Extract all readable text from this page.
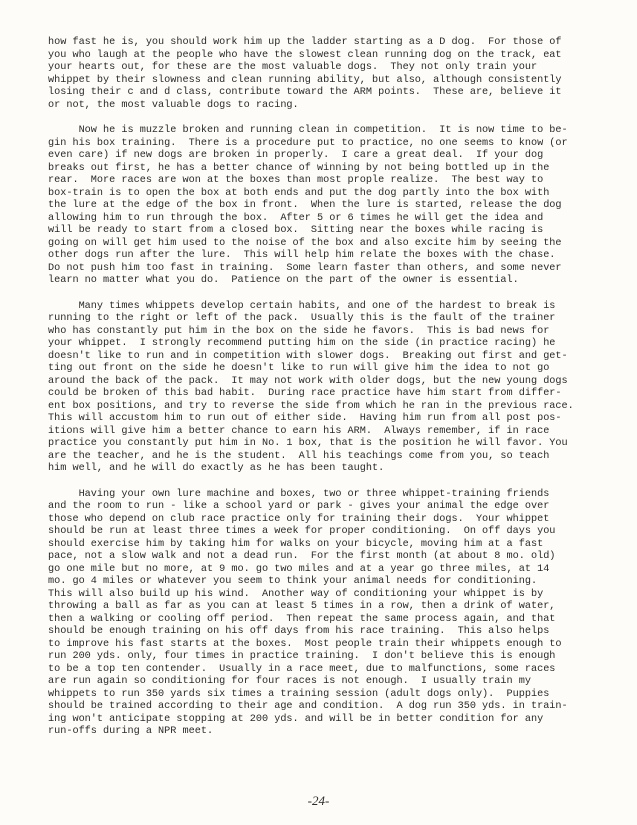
how fast he is, you should work him up the ladder starting as a D dog.  For those of
you who laugh at the people who have the slowest clean running dog on the track, eat
your hearts out, for these are the most valuable dogs.  They not only train your
whippet by their slowness and clean running ability, but also, although consistently
losing their c and d class, contribute toward the ARM points.  These are, believe it
or not, the most valuable dogs to racing.
Now he is muzzle broken and running clean in competition.  It is now time to be-
gin his box training.  There is a procedure put to practice, no one seems to know (or
even care) if new dogs are broken in properly.  I care a great deal.  If your dog
breaks out first, he has a better chance of winning by not being bottled up in the
rear.  More races are won at the boxes than most prople realize.  The best way to
box-train is to open the box at both ends and put the dog partly into the box with
the lure at the edge of the box in front.  When the lure is started, release the dog
allowing him to run through the box.  After 5 or 6 times he will get the idea and
will be ready to start from a closed box.  Sitting near the boxes while racing is
going on will get him used to the noise of the box and also excite him by seeing the
other dogs run after the lure.  This will help him relate the boxes with the chase.
Do not push him too fast in training.  Some learn faster than others, and some never
learn no matter what you do.  Patience on the part of the owner is essential.
Many times whippets develop certain habits, and one of the hardest to break is
running to the right or left of the pack.  Usually this is the fault of the trainer
who has constantly put him in the box on the side he favors.  This is bad news for
your whippet.  I strongly recommend putting him on the side (in practice racing) he
doesn't like to run and in competition with slower dogs.  Breaking out first and get-
ting out front on the side he doesn't like to run will give him the idea to not go
around the back of the pack.  It may not work with older dogs, but the new young dogs
could be broken of this bad habit.  During race practice have him start from differ-
ent box positions, and try to reverse the side from which he ran in the previous race.
This will accustom him to run out of either side.  Having him run from all post pos-
itions will give him a better chance to earn his ARM.  Always remember, if in race
practice you constantly put him in No. 1 box, that is the position he will favor. You
are the teacher, and he is the student.  All his teachings come from you, so teach
him well, and he will do exactly as he has been taught.
Having your own lure machine and boxes, two or three whippet-training friends
and the room to run - like a school yard or park - gives your animal the edge over
those who depend on club race practice only for training their dogs.  Your whippet
should be run at least three times a week for proper conditioning.  On off days you
should exercise him by taking him for walks on your bicycle, moving him at a fast
pace, not a slow walk and not a dead run.  For the first month (at about 8 mo. old)
go one mile but no more, at 9 mo. go two miles and at a year go three miles, at 14
mo. go 4 miles or whatever you seem to think your animal needs for conditioning.
This will also build up his wind.  Another way of conditioning your whippet is by
throwing a ball as far as you can at least 5 times in a row, then a drink of water,
then a walking or cooling off period.  Then repeat the same process again, and that
should be enough training on his off days from his race training.  This also helps
to improve his fast starts at the boxes.  Most people train their whippets enough to
run 200 yds. only, four times in practice training.  I don't believe this is enough
to be a top ten contender.  Usually in a race meet, due to malfunctions, some races
are run again so conditioning for four races is not enough.  I usually train my
whippets to run 350 yards six times a training session (adult dogs only).  Puppies
should be trained according to their age and condition.  A dog run 350 yds. in train-
ing won't anticipate stopping at 200 yds. and will be in better condition for any
run-offs during a NPR meet.
-24-
